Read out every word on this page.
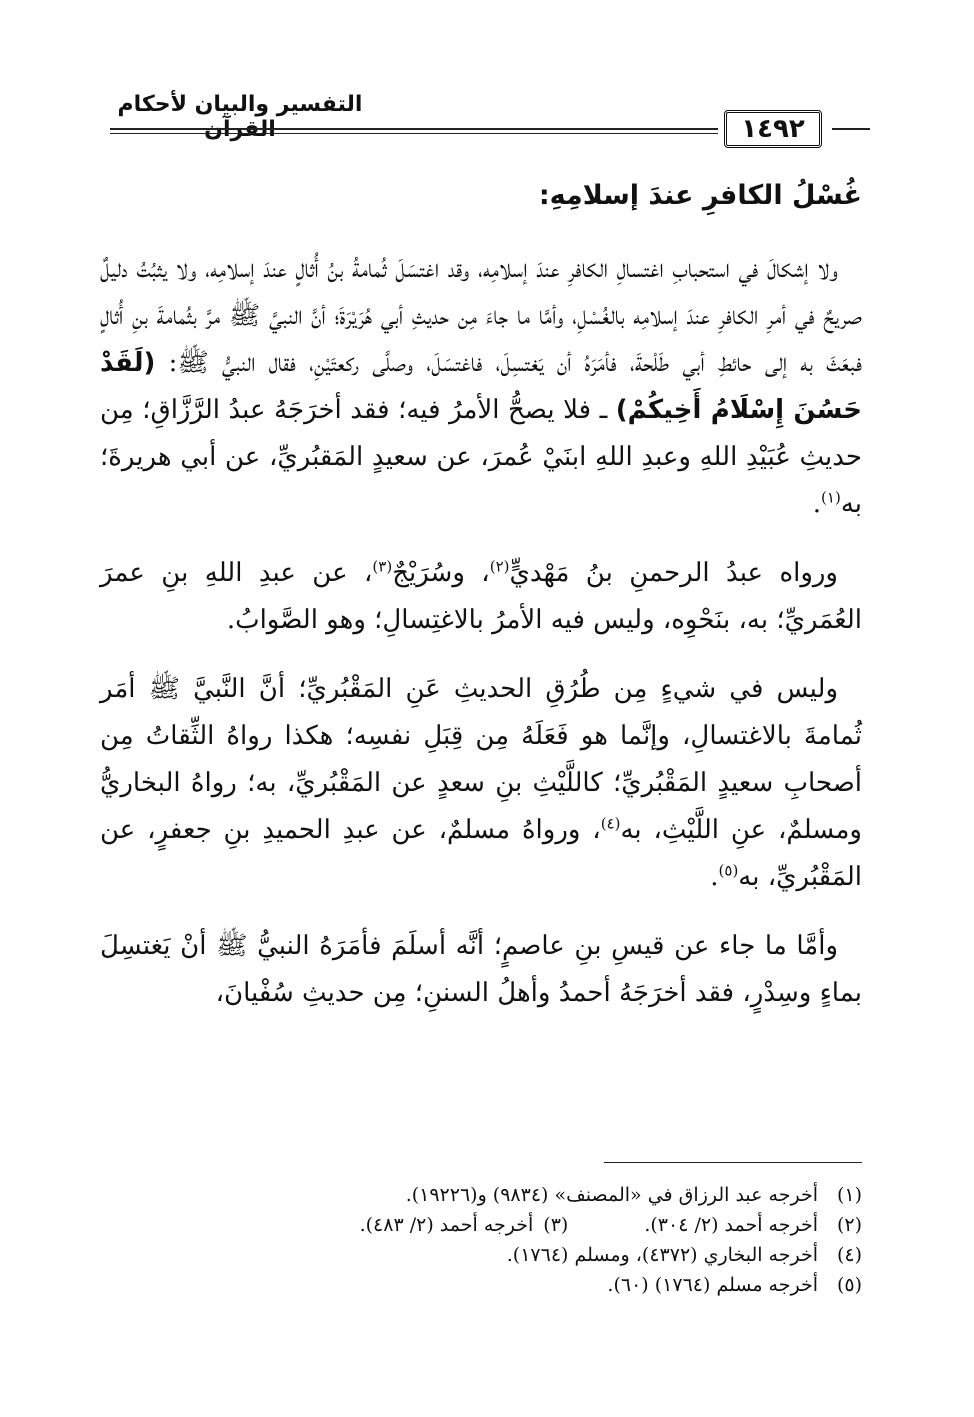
التفسير والبيان لأحكام القرآن	١٤٩٢
غُسْلُ الكافرِ عندَ إسلامِهِ:

ولا إشكالَ في استحبابِ اغتسالِ الكافرِ عندَ إسلامِه، وقد اغتسَلَ ثُمامةُ بنُ أُثالٍ عندَ إسلامِه، ولا يثبُتُ دليلٌ صريحٌ في أمرِ الكافرِ عندَ إسلامِه بالغُسْلِ، وأمَّا ما جاءَ مِن حديثِ أبي هُرَيْرَةَ؛ أنَّ النبيَّ ﷺ مرَّ بثُمامةَ بنِ أُثالٍ فبعَثَ به إلى حائطِ أبي طَلْحةَ، فأمَرَهُ أن يَغتسِلَ، فاغتسَلَ، وصلَّى ركعتَيْنِ، فقال النبيُّ ﷺ: (لَقَدْ حَسُنَ إِسْلَامُ أَخِيكُمْ) ـ فلا يصحُّ الأمرُ فيه؛ فقد أخرَجَهُ عبدُ الرَّزَّاقِ؛ مِن حديثِ عُبَيْدِ اللهِ وعبدِ اللهِ ابنَيْ عُمرَ، عن سعيدٍ المَقبُريِّ، عن أبي هريرةَ؛ به$^{(١)}$.

ورواه عبدُ الرحمنِ بنُ مَهْديٍّ$^{(٢)}$، وسُرَيْجٌ$^{(٣)}$، عن عبدِ اللهِ بنِ عمرَ العُمَريِّ؛ به، بنَحْوِه، وليس فيه الأمرُ بالاغتِسالِ؛ وهو الصَّوابُ.

وليس في شيءٍ مِن طُرُقِ الحديثِ عَنِ المَقْبُريِّ؛ أنَّ النَّبيَّ ﷺ أمَر ثُمامةَ بالاغتسالِ، وإنَّما هو فَعَلَهُ مِن قِبَلِ نفسِه؛ هكذا رواهُ الثِّقاتُ مِن أصحابِ سعيدٍ المَقْبُريِّ؛ كاللَّيْثِ بنِ سعدٍ عن المَقْبُريِّ، به؛ رواهُ البخاريُّ ومسلمٌ، عنِ اللَّيْثِ، به$^{(٤)}$، ورواهُ مسلمٌ، عن عبدِ الحميدِ بنِ جعفرٍ، عن المَقْبُريِّ، به$^{(٥)}$.

وأمَّا ما جاء عن قيسِ بنِ عاصمٍ؛ أنَّه أسلَمَ فأمَرَهُ النبيُّ ﷺ أنْ يَغتسِلَ بماءٍ وسِدْرٍ، فقد أخرَجَهُ أحمدُ وأهلُ السننِ؛ مِن حديثِ سُفْيانَ،

(١)
أخرجه عبد الرزاق في «المصنف» (٩٨٣٤) و(١٩٢٢٦).
(٢)
أخرجه أحمد (٢/ ٣٠٤).
(٣)
أخرجه أحمد (٢/ ٤٨٣).
(٤)
أخرجه البخاري (٤٣٧٢)، ومسلم (١٧٦٤).
(٥)
أخرجه مسلم (١٧٦٤) (٦٠).
